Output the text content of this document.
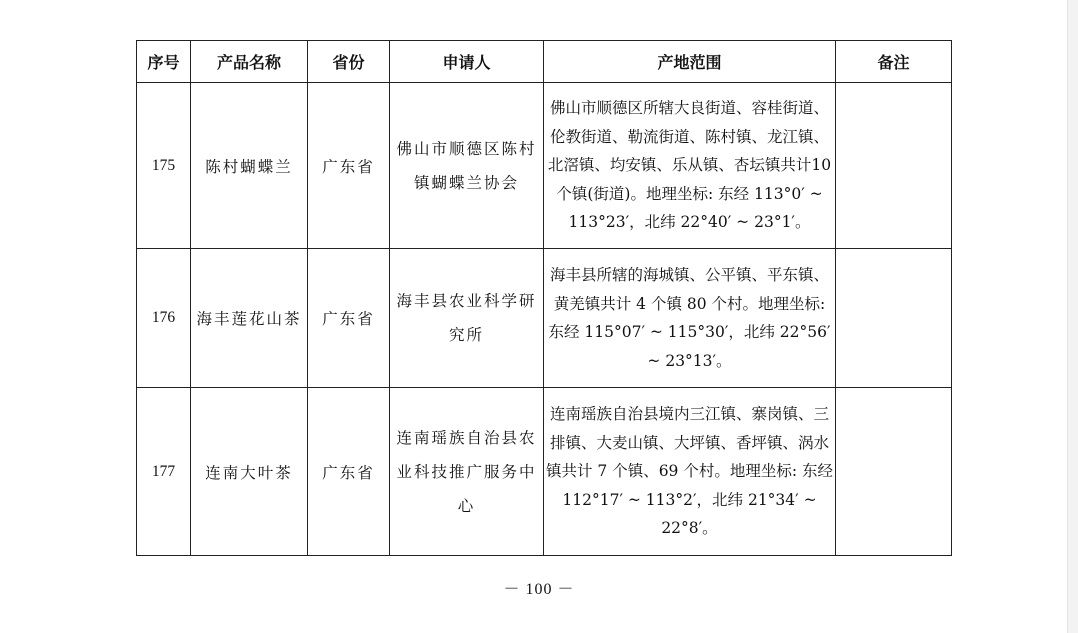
序号	产品名称	省份	申请人	产地范围	备注
175	陈村蝴蝶兰	广东省	佛山市顺德区陈村镇蝴蝶兰协会	佛山市顺德区所辖大良街道、容桂街道、伦教街道、勒流街道、陈村镇、龙江镇、北滘镇、均安镇、乐从镇、杏坛镇共计10个镇(街道)。地理坐标: 东经 113°0′ ~ 113°23′，北纬 22°40′ ~ 23°1′。	
176	海丰莲花山茶	广东省	海丰县农业科学研究所	海丰县所辖的海城镇、公平镇、平东镇、黄羌镇共计 4 个镇 80 个村。地理坐标: 东经 115°07′ ~ 115°30′，北纬 22°56′ ~ 23°13′。	
177	连南大叶茶	广东省	连南瑶族自治县农业科技推广服务中心	连南瑶族自治县境内三江镇、寨岗镇、三排镇、大麦山镇、大坪镇、香坪镇、涡水镇共计 7 个镇、69 个村。地理坐标: 东经 112°17′ ~ 113°2′，北纬 21°34′ ~ 22°8′。	
－ 100 －
